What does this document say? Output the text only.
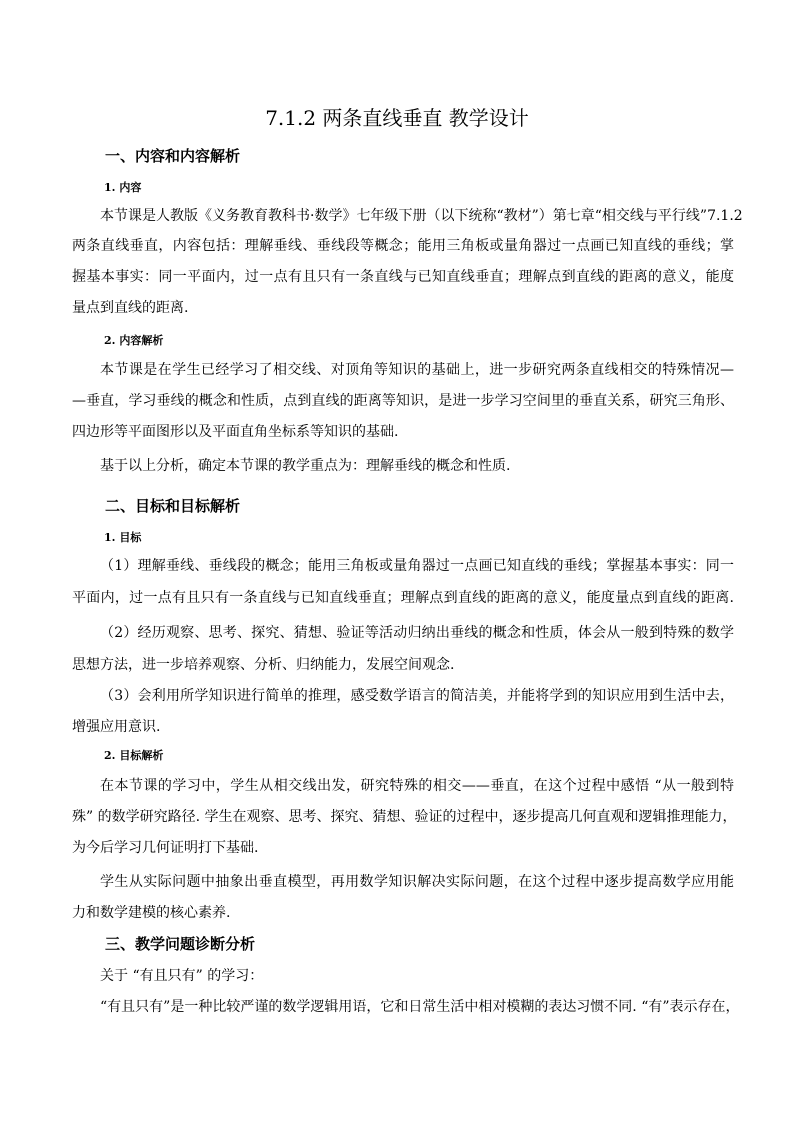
7.1.2 两条直线垂直 教学设计
一、内容和内容解析
1. 内容
本节课是人教版《义务教育教科书·数学》七年级下册（以下统称“教材”）第七章“相交线与平行线”7.1.2
两条直线垂直，内容包括：理解垂线、垂线段等概念；能用三角板或量角器过一点画已知直线的垂线；掌
握基本事实：同一平面内，过一点有且只有一条直线与已知直线垂直；理解点到直线的距离的意义，能度
量点到直线的距离.
2. 内容解析
本节课是在学生已经学习了相交线、对顶角等知识的基础上，进一步研究两条直线相交的特殊情况—
—垂直，学习垂线的概念和性质，点到直线的距离等知识，是进一步学习空间里的垂直关系，研究三角形、
四边形等平面图形以及平面直角坐标系等知识的基础.
基于以上分析，确定本节课的教学重点为：理解垂线的概念和性质.
二、目标和目标解析
1. 目标
（1）理解垂线、垂线段的概念；能用三角板或量角器过一点画已知直线的垂线；掌握基本事实：同一
平面内，过一点有且只有一条直线与已知直线垂直；理解点到直线的距离的意义，能度量点到直线的距离.
（2）经历观察、思考、探究、猜想、验证等活动归纳出垂线的概念和性质，体会从一般到特殊的数学
思想方法，进一步培养观察、分析、归纳能力，发展空间观念.
（3）会利用所学知识进行简单的推理，感受数学语言的简洁美，并能将学到的知识应用到生活中去，
增强应用意识.
2. 目标解析
在本节课的学习中，学生从相交线出发，研究特殊的相交——垂直，在这个过程中感悟 “从一般到特
殊” 的数学研究路径. 学生在观察、思考、探究、猜想、验证的过程中，逐步提高几何直观和逻辑推理能力，
为今后学习几何证明打下基础.
学生从实际问题中抽象出垂直模型，再用数学知识解决实际问题，在这个过程中逐步提高数学应用能
力和数学建模的核心素养.
三、教学问题诊断分析
关于 “有且只有” 的学习：
“有且只有”是一种比较严谨的数学逻辑用语，它和日常生活中相对模糊的表达习惯不同. “有”表示存在，
